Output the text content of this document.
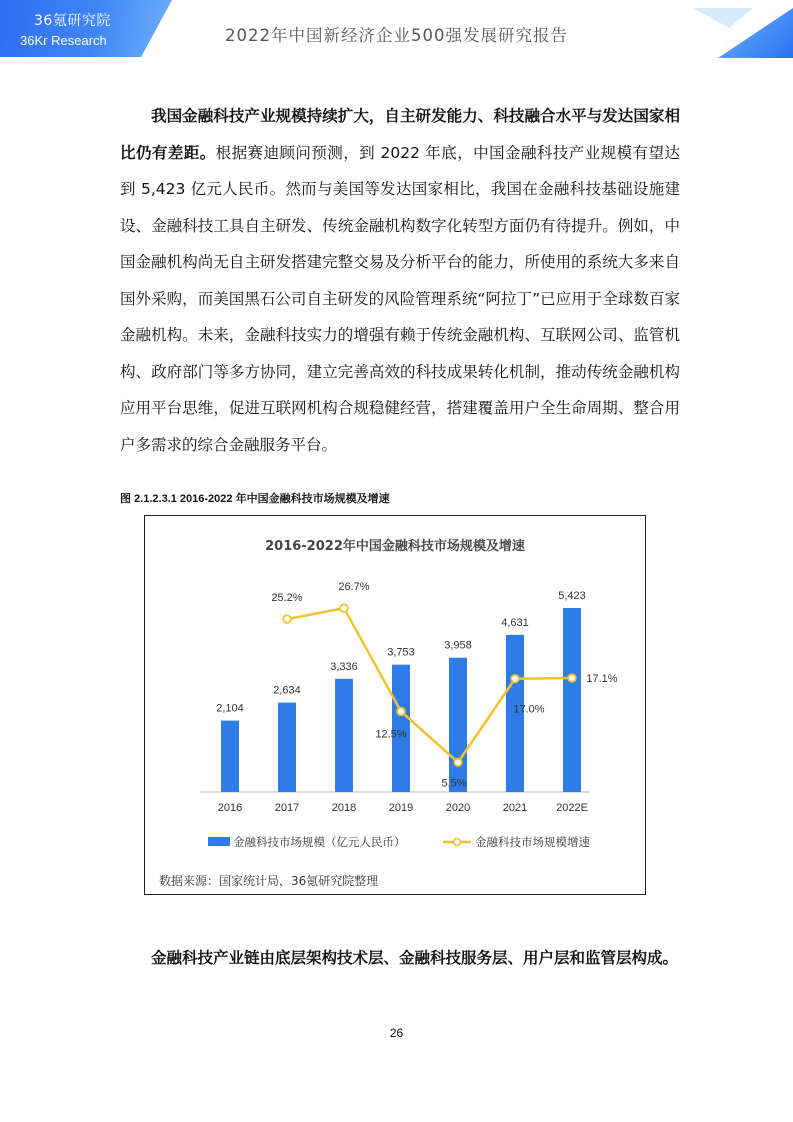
36氪研究院
36Kr Research	2022年中国新经济企业500强发展研究报告

我国金融科技产业规模持续扩大，自主研发能力、科技融合水平与发达国家相比仍有差距。根据赛迪顾问预测，到 2022 年底，中国金融科技产业规模有望达到 5,423 亿元人民币。然而与美国等发达国家相比，我国在金融科技基础设施建设、金融科技工具自主研发、传统金融机构数字化转型方面仍有待提升。例如，中国金融机构尚无自主研发搭建完整交易及分析平台的能力，所使用的系统大多来自国外采购，而美国黑石公司自主研发的风险管理系统“阿拉丁”已应用于全球数百家金融机构。未来，金融科技实力的增强有赖于传统金融机构、互联网公司、监管机构、政府部门等多方协同，建立完善高效的科技成果转化机制，推动传统金融机构应用平台思维，促进互联网机构合规稳健经营，搭建覆盖用户全生命周期、整合用户多需求的综合金融服务平台。

图 2.1.2.3.1 2016-2022 年中国金融科技市场规模及增速
2016-2022年中国金融科技市场规模及增速
2,104
2016
2,634
2017
3,336
2018
3,753
2019
3,958
2020
4,631
2021
5,423
2022E
25.2%
26.7%
12.5%
5.5%
17.0%
17.1%
金融科技市场规模（亿元人民币）	金融科技市场规模增速
数据来源：国家统计局，36氪研究院整理

金融科技产业链由底层架构技术层、金融科技服务层、用户层和监管层构成。

26
